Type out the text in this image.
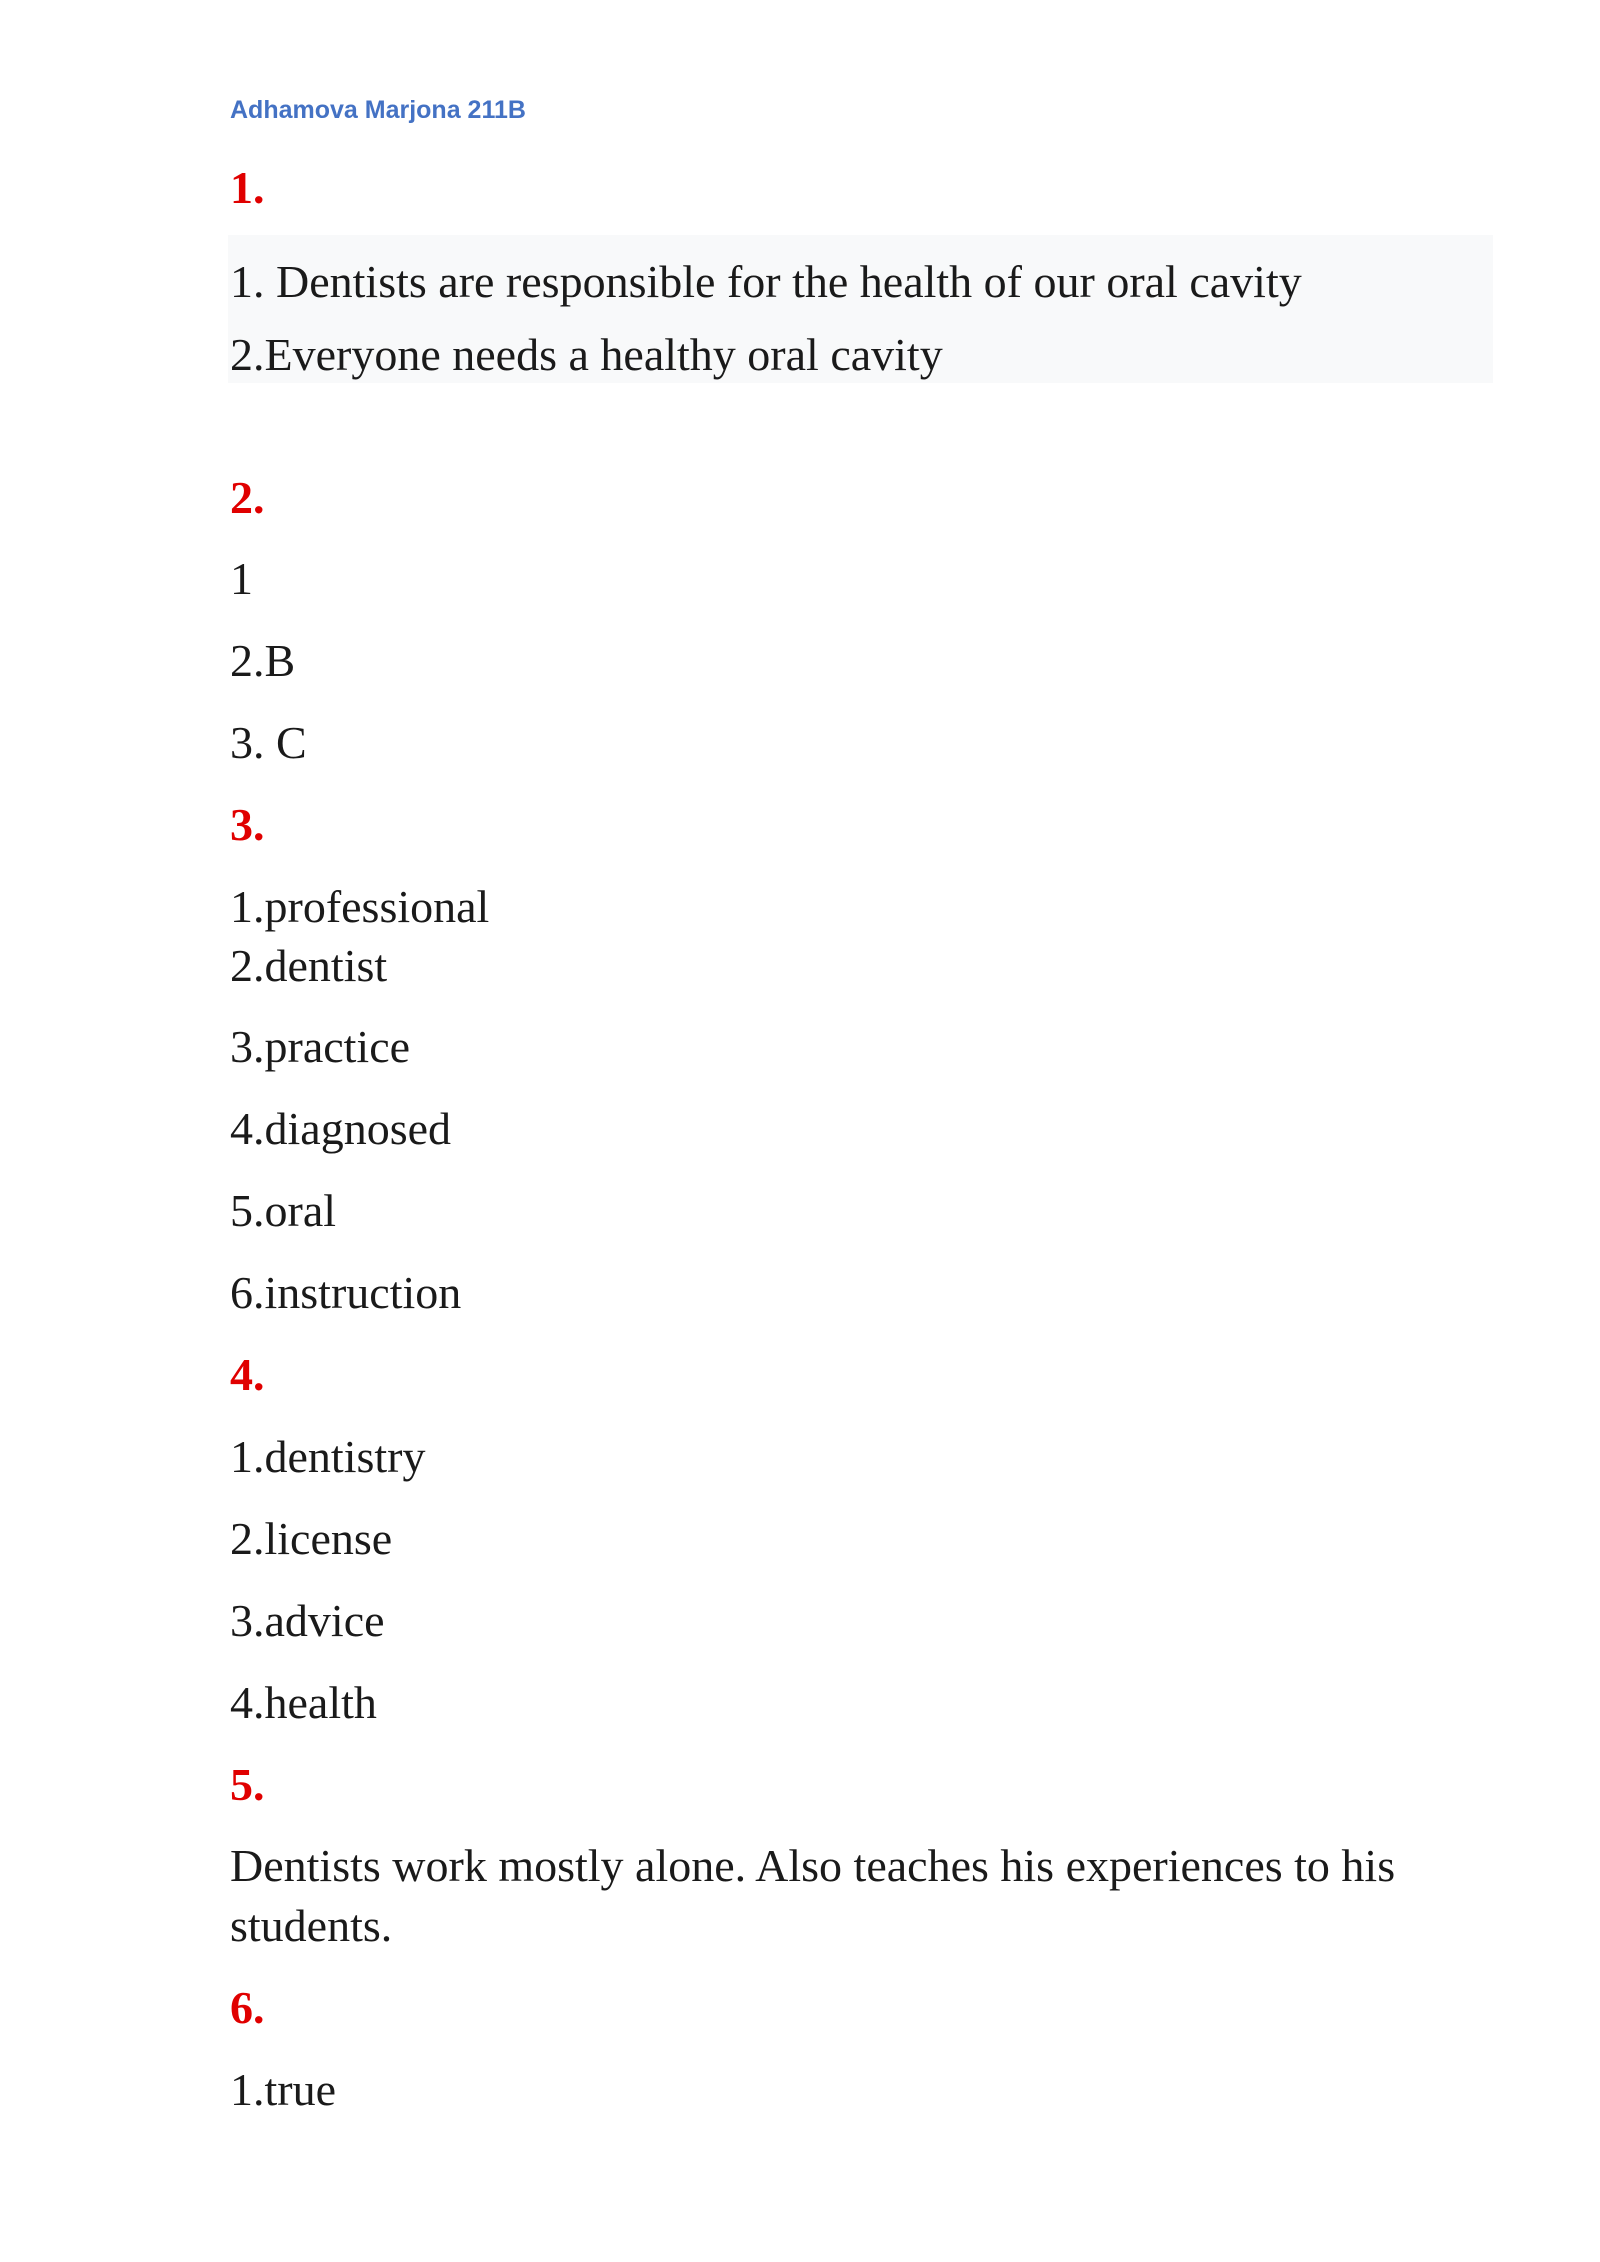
Adhamova Marjona 211B
1.
1. Dentists are responsible for the health of our oral cavity
2.Everyone needs a healthy oral cavity
2.
1
2.B
3. C
3.
1.professional
2.dentist
3.practice
4.diagnosed
5.oral
6.instruction
4.
1.dentistry
2.license
3.advice
4.health
5.
Dentists work mostly alone. Also teaches his experiences to his
students.
6.
1.true
